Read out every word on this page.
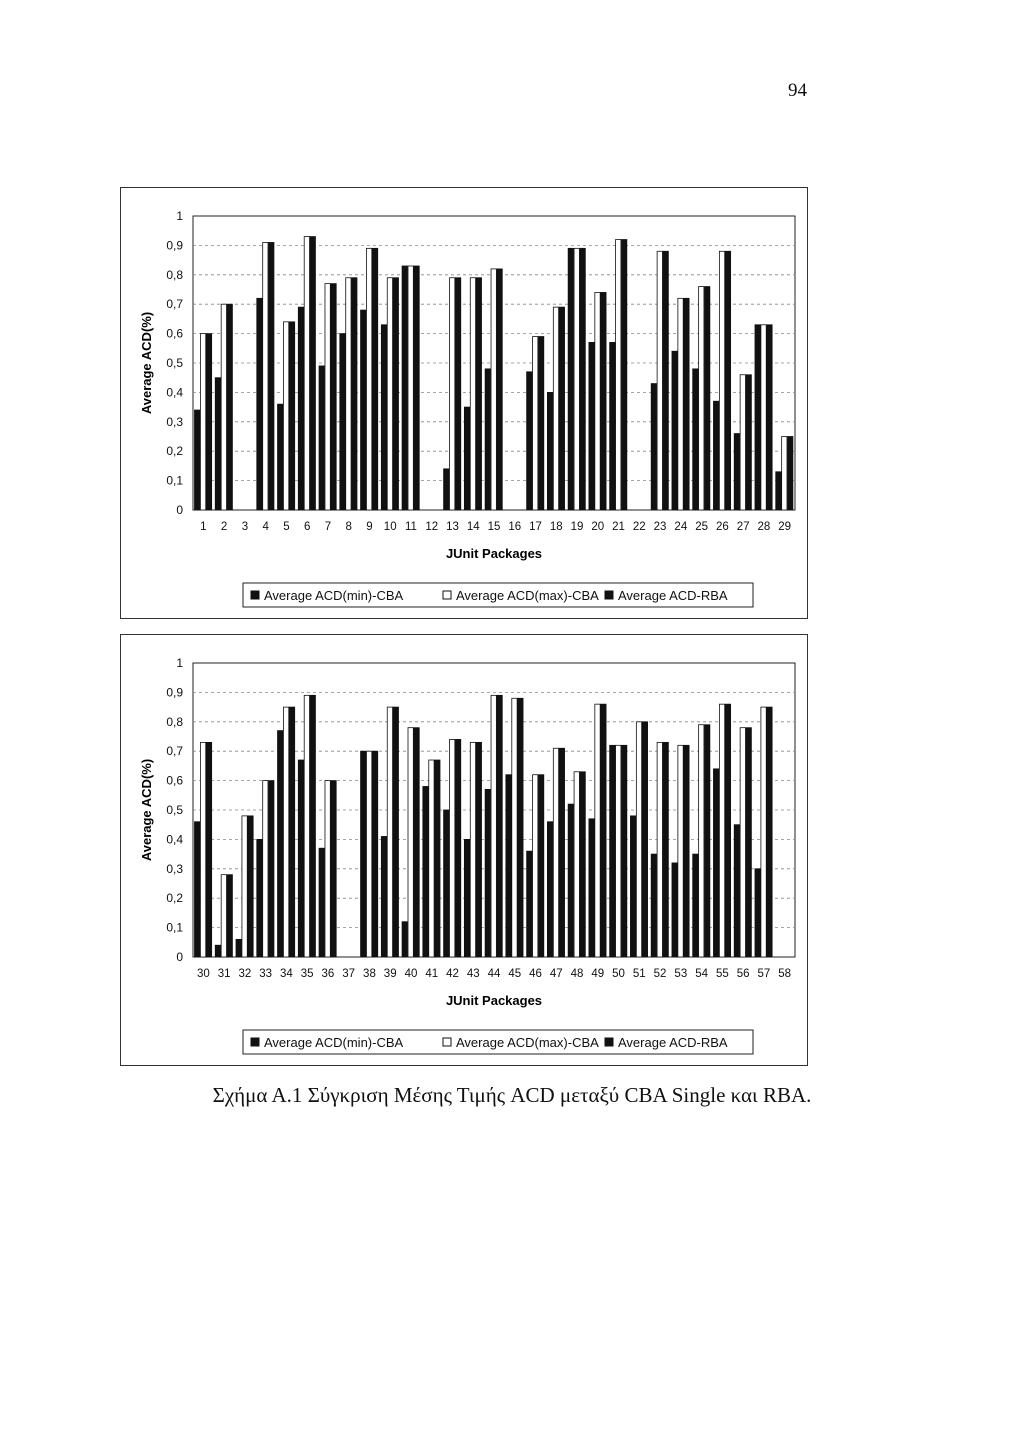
94
0
0,1
0,2
0,3
0,4
0,5
0,6
0,7
0,8
0,9
1
Average ACD(%)
1 2 3 4 5 6 7 8 9 10 11 12 13 14 15 16 17 18 19 20 21 22 23 24 25 26 27 28 29
JUnit Packages
Average ACD(min)-CBA	Average ACD(max)-CBA Average ACD-RBA
0
0,1
0,2
0,3
0,4
0,5
0,6
0,7
0,8
0,9
1
Average ACD(%)
30 31 32 33 34 35 36 37 38 39 40 41 42 43 44 45 46 47 48 49 50 51 52 53 54 55 56 57 58
JUnit Packages
Average ACD(min)-CBA	Average ACD(max)-CBA Average ACD-RBA
Σχήμα Α.1 Σύγκριση Μέσης Τιμής ACD μεταξύ CBA Single και RBA.
